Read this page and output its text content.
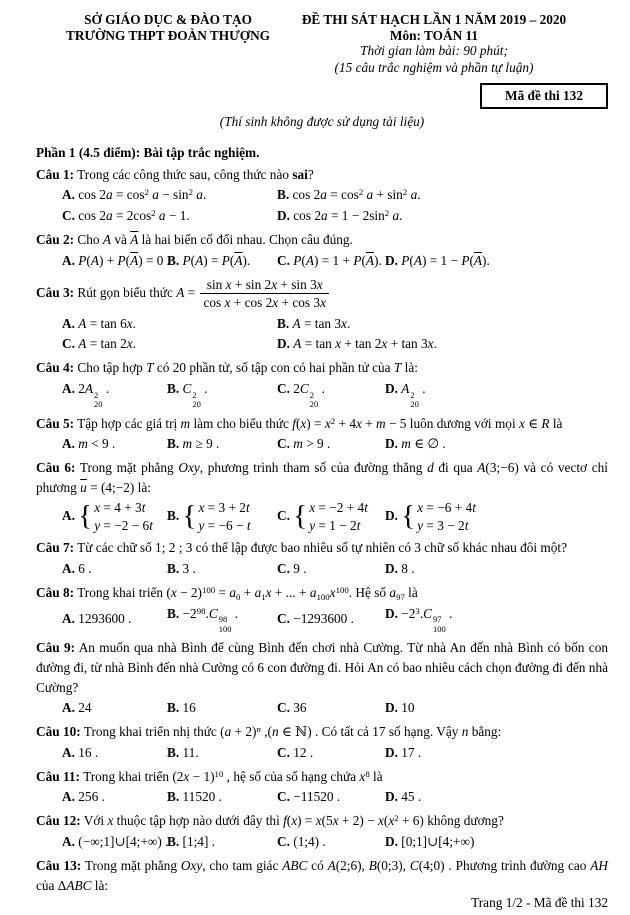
SỞ GIÁO DỤC & ĐÀO TẠO
TRƯỜNG THPT ĐOÀN THƯỢNG
ĐỀ THI SÁT HẠCH LẦN 1 NĂM 2019 – 2020
Môn: TOÁN 11
Thời gian làm bài: 90 phút;
(15 câu trắc nghiệm và phần tự luận)
Mã đề thi 132
(Thí sinh không được sử dụng tài liệu)
Phần 1 (4.5 điểm): Bài tập trắc nghiệm.
Câu 1: Trong các công thức sau, công thức nào sai?
A. $\cos 2a = \cos^2 a - \sin^2 a$.	B. $\cos 2a = \cos^2 a + \sin^2 a$.
C. $\cos 2a = 2\cos^2$ a − 1.	D. $\cos 2a = 1 - 2\sin^2$ a.
Câu 2: Cho A và $\overline{A}$ là hai biến cố đối nhau. Chọn câu đúng.
A. $P(A) + P(\overline{A}) = 0$ .
B. $P(A) = P(\overline{A})$.	C. $P(A) = 1 + P(\overline{A})$. D. $P(A) = 1 - P(\overline{A})$.
Câu 3: Rút gọn biểu thức $A = \frac{\text{sin x + sin 2x + sin 3x}}{\text{cos x + cos 2x + cos 3x}}$
A. A = tan 6x.	B. A = tan 3x.
C. A = tan 2x.	D. A = tan x + tan 2x + tan 3x.
Câu 4: Cho tập hợp T có 20 phần tử, số tập con có hai phần tử của T là:
A. 2A 2
20
.	B. C 2
20
.	C. 2C 2
20
.	D. A 2
20
.
Câu 5: Tập hợp các giá trị m làm cho biểu thức $f(x) = x^2 + 4x + m - 5$ luôn dương với mọi x ∈ R là
A. m < 9 .	B. m ≥ 9 .	C. m > 9 .	D. m ∈ ∅ .
Câu 6: Trong mặt phẳng Oxy, phương trình tham số của đường thẳng d đi qua A(3;−6) và có vectơ chỉ phương $\overline{u}$ = (4;−2) là:
A. { x = 4 + 3t
y = −2 − 6t
B. { x = 3 + 2t
y = −6 − t
C. { x = −2 + 4t
y = 1 − 2t
D. { x = −6 + 4t
y = 3 − 2t
Câu 7: Từ các chữ số 1; 2 ; 3 có thể lập được bao nhiêu số tự nhiên có 3 chữ số khác nhau đôi một?
A. 6 .	B. 3 .	C. 9 .	D. 8 .
Câu 8: Trong khai triển $(x - 2)^{100} = a_0 + a_1x$ + ... + $a_{100}x^{100}$. Hệ số $a_{97}$ là
A. 1293600 .	B. $-2^{98}.C$ 98
100
.	C. −1293600 .	D. $-2^3.C$ 97
100
.
Câu 9: An muốn qua nhà Bình để cùng Bình đến chơi nhà Cường. Từ nhà An đến nhà Bình có bốn con đường đi, từ nhà Bình đến nhà Cường có 6 con đường đi. Hỏi An có bao nhiêu cách chọn đường đi đến nhà Cường?
A. 24	B. 16	C. 36	D. 10
Câu 10: Trong khai triển nhị thức $(a + 2)^n$ ,(n ∈ ℕ) . Có tất cả 17 số hạng. Vậy n bằng:
A. 16 .	B. 11.	C. 12 .	D. 17 .
Câu 11: Trong khai triển $(2x - 1)^{10}$ , hệ số của số hạng chứa $x^8$ là
A. 256 .	B. 11520 .	C. −11520 .	D. 45 .
Câu 12: Với x thuộc tập hợp nào dưới đây thì $f(x) = x(5x + 2) - x(x^2 + 6)$ không dương?
A. (−∞;1]∪[4;+∞) .
B. [1;4] .	C. (1;4) .	D. [0;1]∪[4;+∞)
Câu 13: Trong mặt phẳng Oxy, cho tam giác ABC có A(2;6), B(0;3), C(4;0) . Phương trình đường cao AH của ΔABC là:
Trang 1/2 - Mã đề thi 132
